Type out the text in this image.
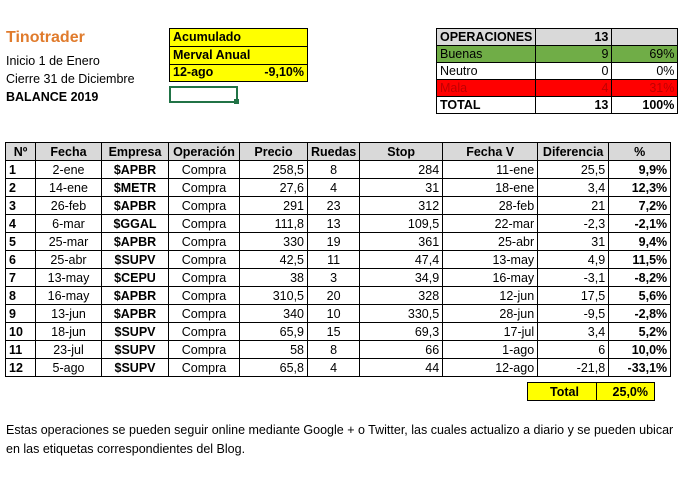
Tinotrader
Inicio 1 de Enero
Cierre 31 de Diciembre
BALANCE 2019
Acumulado
Merval Anual
12-ago	-9,10%
OPERACIONES	13	
Buenas	9	69%
Neutro	0	0%
Mala	4	31%
TOTAL	13	100%
Nº	Fecha	Empresa	Operación	Precio	Ruedas	Stop	Fecha V	Diferencia	%
1	2-ene	$APBR	Compra	258,5	8	284	11-ene	25,5	9,9%
2	14-ene	$METR	Compra	27,6	4	31	18-ene	3,4	12,3%
3	26-feb	$APBR	Compra	291	23	312	28-feb	21	7,2%
4	6-mar	$GGAL	Compra	111,8	13	109,5	22-mar	-2,3	-2,1%
5	25-mar	$APBR	Compra	330	19	361	25-abr	31	9,4%
6	25-abr	$SUPV	Compra	42,5	11	47,4	13-may	4,9	11,5%
7	13-may	$CEPU	Compra	38	3	34,9	16-may	-3,1	-8,2%
8	16-may	$APBR	Compra	310,5	20	328	12-jun	17,5	5,6%
9	13-jun	$APBR	Compra	340	10	330,5	28-jun	-9,5	-2,8%
10	18-jun	$SUPV	Compra	65,9	15	69,3	17-jul	3,4	5,2%
11	23-jul	$SUPV	Compra	58	8	66	1-ago	6	10,0%
12	5-ago	$SUPV	Compra	65,8	4	44	12-ago	-21,8	-33,1%
Total	25,0%
Estas operaciones se pueden seguir online mediante Google + o Twitter, las cuales actualizo a diario y se pueden ubicar en las etiquetas correspondientes del Blog.
